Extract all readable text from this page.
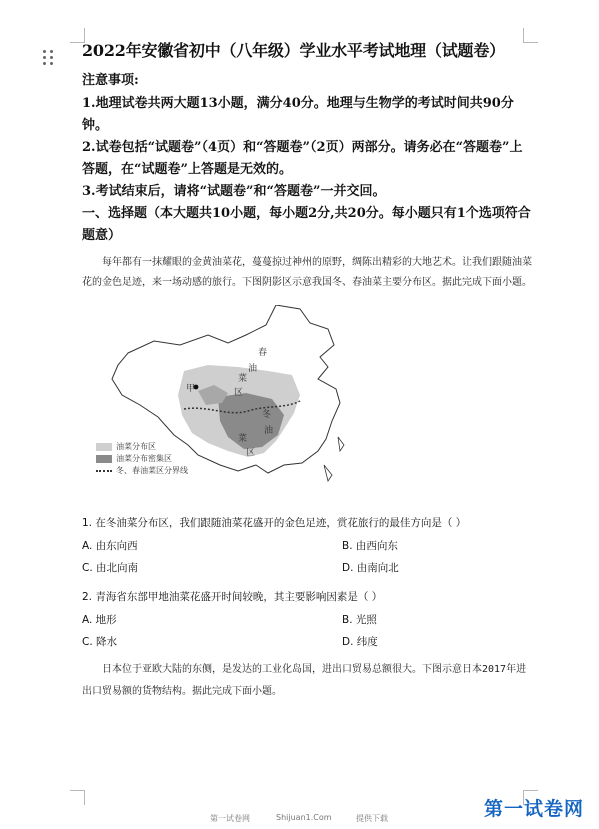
2022年安徽省初中（八年级）学业水平考试地理（试题卷）

注意事项:

1.地理试卷共两大题13小题，满分40分。地理与生物学的考试时间共90分钟。

2.试卷包括“试题卷”（4页）和“答题卷”（2页）两部分。请务必在“答题卷”上答题，在“试题卷”上答题是无效的。

3.考试结束后，请将“试题卷”和“答题卷”一并交回。

一、选择题（本大题共10小题，每小题2分,共20分。每小题只有1个选项符合题意）

每年都有一抹耀眼的金黄油菜花，蔓蔓掠过神州的原野，绸陈出精彩的大地艺术。让我们跟随油菜花的金色足迹，来一场动感的旅行。下图阴影区示意我国冬、春油菜主要分布区。据此完成下面小题。

春
油
甲
菜
区
冬
油
菜
区
油菜分布区
油菜分布密集区
冬、春油菜区分界线
1. 在冬油菜分布区，我们跟随油菜花盛开的金色足迹，赏花旅行的最佳方向是（ ）
A. 由东向西	B. 由西向东
C. 由北向南	D. 由南向北
2. 青海省东部甲地油菜花盛开时间较晚，其主要影响因素是（ ）
A. 地形	B. 光照
C. 降水	D. 纬度

日本位于亚欧大陆的东侧，是发达的工业化岛国，进出口贸易总额很大。下图示意日本2017年进出口贸易额的货物结构。据此完成下面小题。

第一试卷网	Shijuan1.Com	提供下载	第一试卷网
